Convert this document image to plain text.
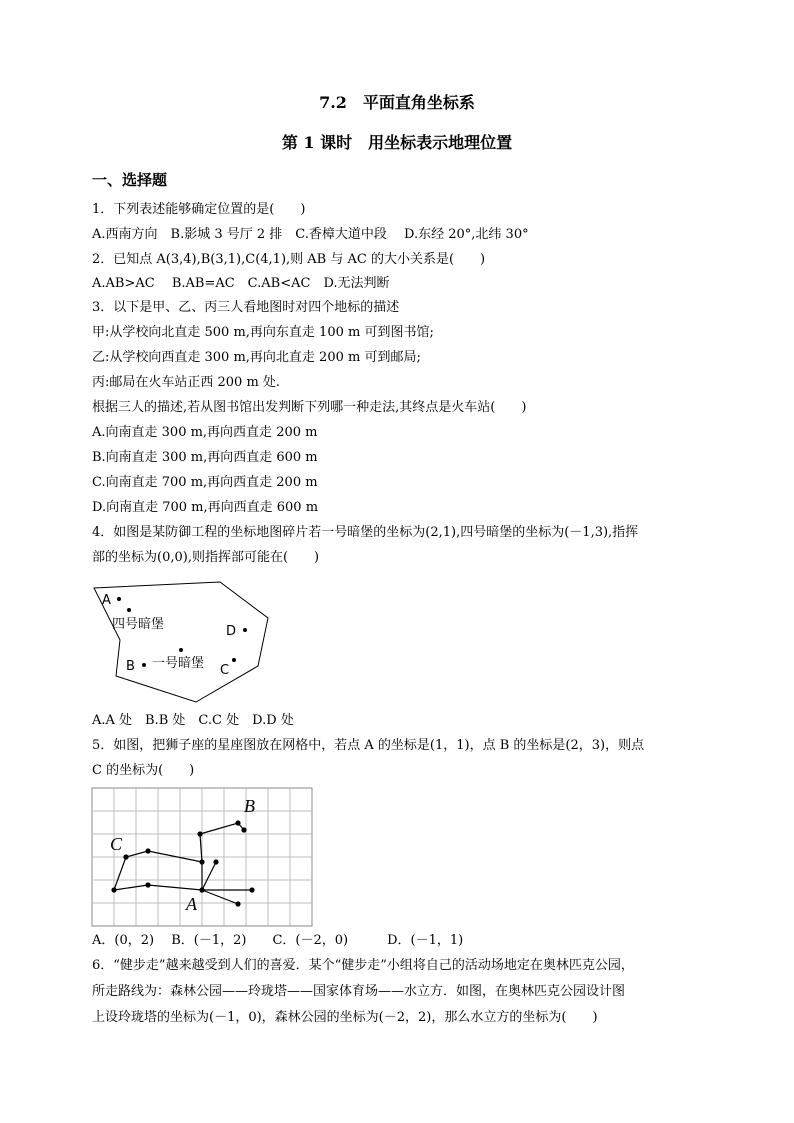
7.2　平面直角坐标系
第 1 课时　用坐标表示地理位置
一、选择题
1．下列表述能够确定位置的是(　　)
A.西南方向　B.影城 3 号厅 2 排　C.香樟大道中段　 D.东经 20°,北纬 30°
2．已知点 A(3,4),B(3,1),C(4,1),则 AB 与 AC 的大小关系是(　　)
A.AB>AC　 B.AB=AC　C.AB<AC　D.无法判断
3．以下是甲、乙、丙三人看地图时对四个地标的描述
甲:从学校向北直走 500 m,再向东直走 100 m 可到图书馆;
乙:从学校向西直走 300 m,再向北直走 200 m 可到邮局;
丙:邮局在火车站正西 200 m 处.
根据三人的描述,若从图书馆出发判断下列哪一种走法,其终点是火车站(　　)
A.向南直走 300 m,再向西直走 200 m
B.向南直走 300 m,再向西直走 600 m
C.向南直走 700 m,再向西直走 200 m
D.向南直走 700 m,再向西直走 600 m
4．如图是某防御工程的坐标地图碎片若一号暗堡的坐标为(2,1),四号暗堡的坐标为(－1,3),指挥
部的坐标为(0,0),则指挥部可能在(　　)
A
四号暗堡	D
B 一号暗堡 C
A.A 处　B.B 处　C.C 处　D.D 处
5．如图，把狮子座的星座图放在网格中，若点 A 的坐标是(1，1)，点 B 的坐标是(2，3)，则点
C 的坐标为(　　)
B
C
A
A．(0，2)　 B．(－1，2)　　C．(－2，0)　　　D．(－1，1)
6．“健步走”越来越受到人们的喜爱．某个“健步走”小组将自己的活动场地定在奥林匹克公园，
所走路线为：森林公园——玲珑塔——国家体育场——水立方．如图，在奥林匹克公园设计图
上设玲珑塔的坐标为(－1，0)，森林公园的坐标为(－2，2)，那么水立方的坐标为(　　)
